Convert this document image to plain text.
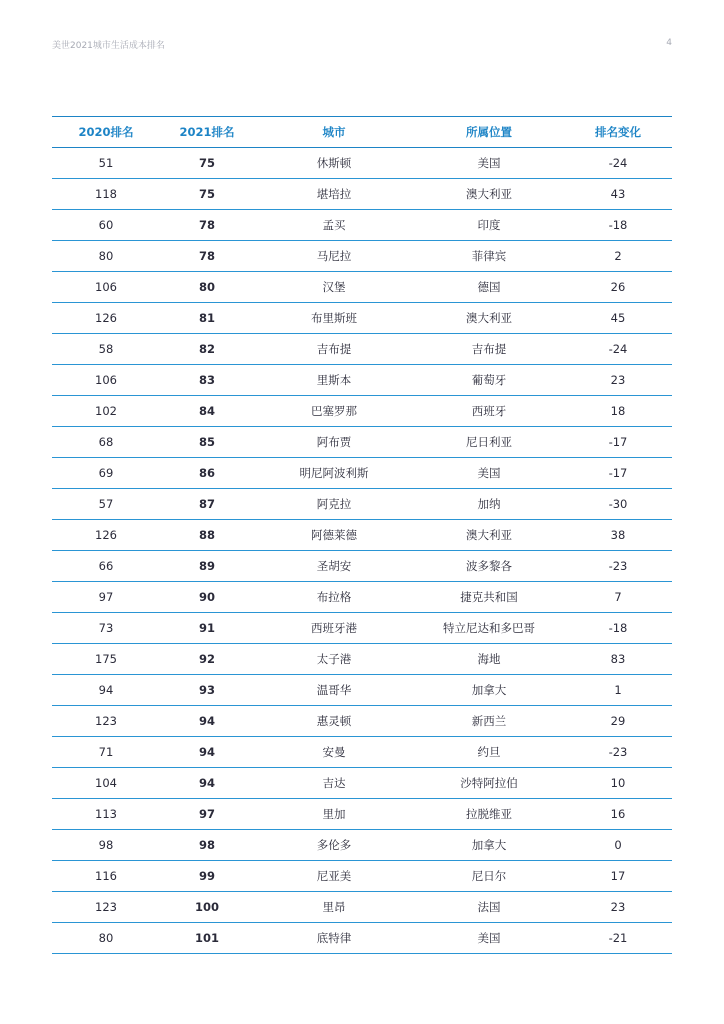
美世2021城市生活成本排名	4
2020排名	2021排名	城市	所属位置	排名变化
51	75	休斯顿	美国	-24
118	75	堪培拉	澳大利亚	43
60	78	孟买	印度	-18
80	78	马尼拉	菲律宾	2
106	80	汉堡	德国	26
126	81	布里斯班	澳大利亚	45
58	82	吉布提	吉布提	-24
106	83	里斯本	葡萄牙	23
102	84	巴塞罗那	西班牙	18
68	85	阿布贾	尼日利亚	-17
69	86	明尼阿波利斯	美国	-17
57	87	阿克拉	加纳	-30
126	88	阿德莱德	澳大利亚	38
66	89	圣胡安	波多黎各	-23
97	90	布拉格	捷克共和国	7
73	91	西班牙港	特立尼达和多巴哥	-18
175	92	太子港	海地	83
94	93	温哥华	加拿大	1
123	94	惠灵顿	新西兰	29
71	94	安曼	约旦	-23
104	94	吉达	沙特阿拉伯	10
113	97	里加	拉脱维亚	16
98	98	多伦多	加拿大	0
116	99	尼亚美	尼日尔	17
123	100	里昂	法国	23
80	101	底特律	美国	-21
